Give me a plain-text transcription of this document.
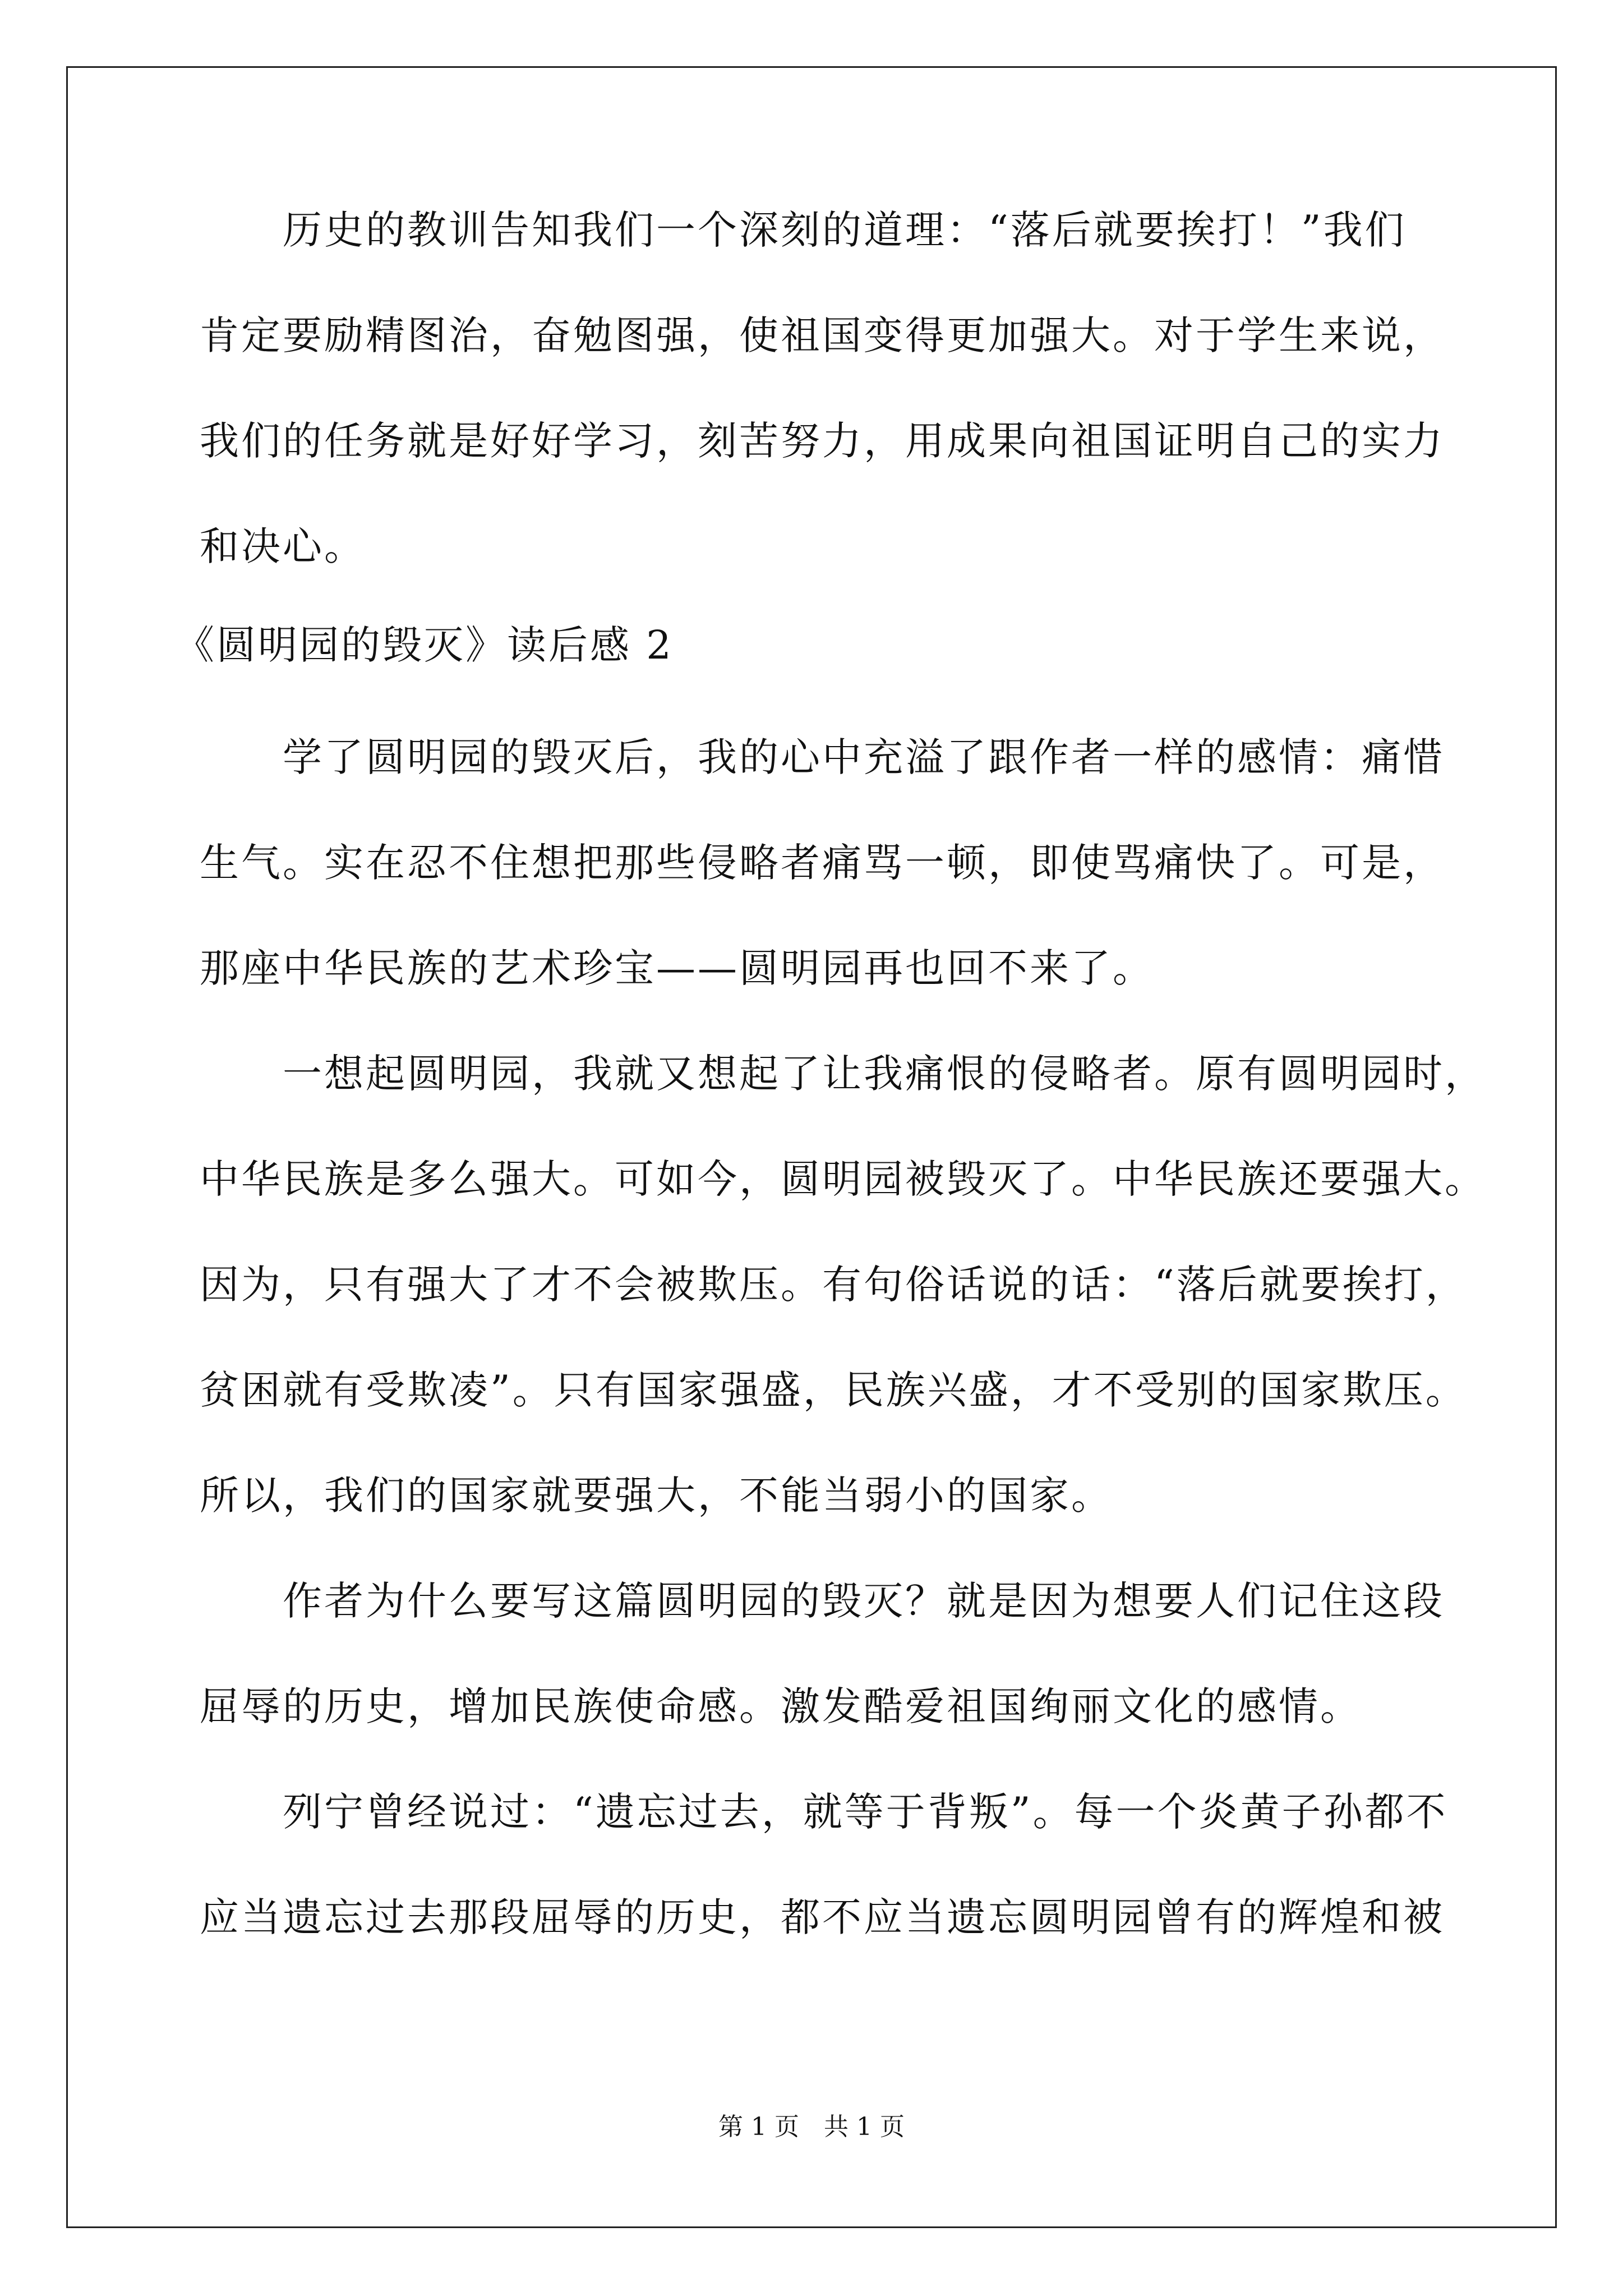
历史的教训告知我们一个深刻的道理：“落后就要挨打！”我们
肯定要励精图治，奋勉图强，使祖国变得更加强大。对于学生来说，
我们的任务就是好好学习，刻苦努力，用成果向祖国证明自己的实力
和决心。
《圆明园的毁灭》读后感 2
学了圆明园的毁灭后，我的心中充溢了跟作者一样的感情：痛惜
生气。实在忍不住想把那些侵略者痛骂一顿，即使骂痛快了。可是，
那座中华民族的艺术珍宝——圆明园再也回不来了。
一想起圆明园，我就又想起了让我痛恨的侵略者。原有圆明园时，
中华民族是多么强大。可如今，圆明园被毁灭了。中华民族还要强大。
因为，只有强大了才不会被欺压。有句俗话说的话：“落后就要挨打，
贫困就有受欺凌”。只有国家强盛，民族兴盛，才不受别的国家欺压。
所以，我们的国家就要强大，不能当弱小的国家。
作者为什么要写这篇圆明园的毁灭？就是因为想要人们记住这段
屈辱的历史，增加民族使命感。激发酷爱祖国绚丽文化的感情。
列宁曾经说过：“遗忘过去，就等于背叛”。每一个炎黄子孙都不
应当遗忘过去那段屈辱的历史，都不应当遗忘圆明园曾有的辉煌和被
第 1 页　共 1 页
